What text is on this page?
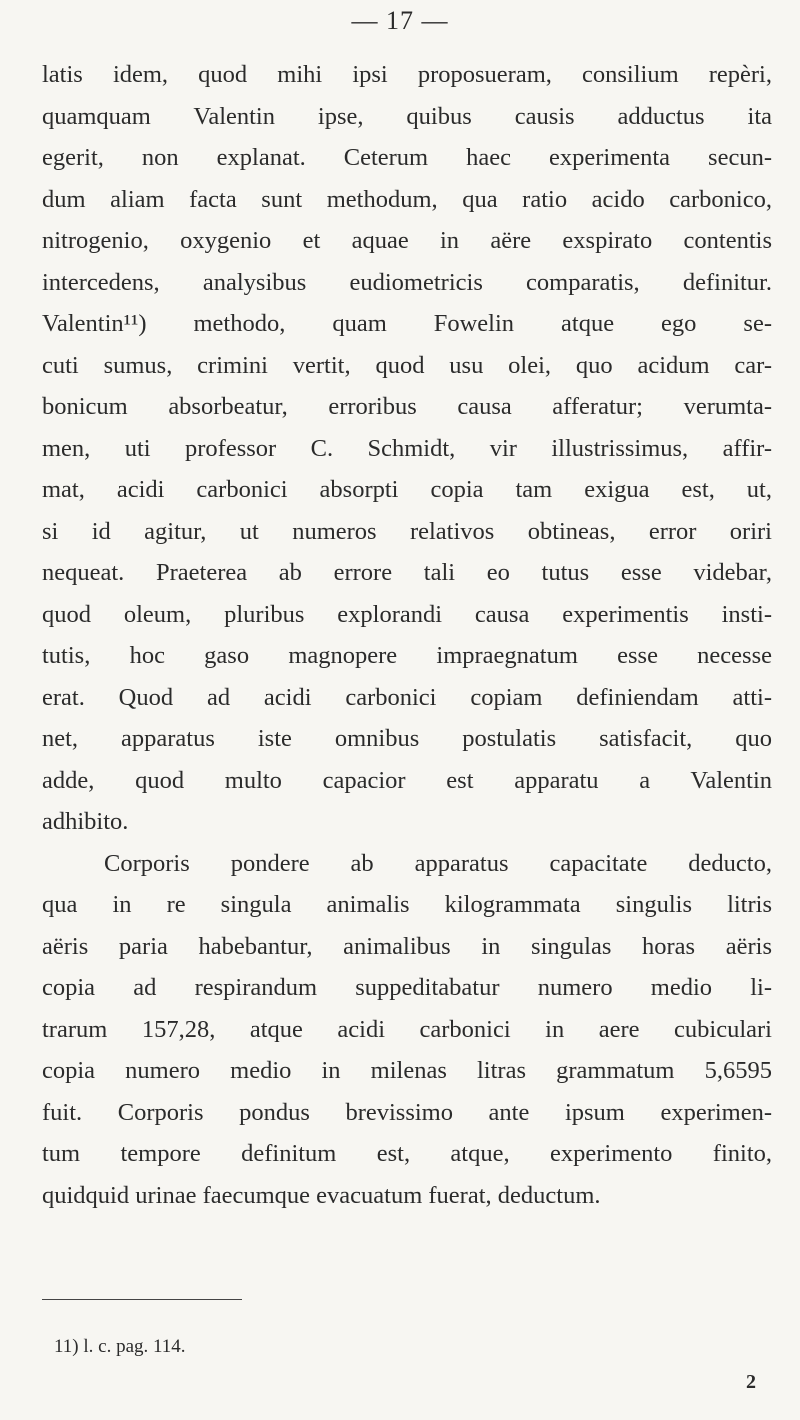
— 17 —
latis idem, quod mihi ipsi proposueram, consilium repèri,
quamquam Valentin ipse, quibus causis adductus ita
egerit, non explanat. Ceterum haec experimenta secun-
dum aliam facta sunt methodum, qua ratio acido carbonico,
nitrogenio, oxygenio et aquae in aëre exspirato contentis
intercedens, analysibus eudiometricis comparatis, definitur.
Valentin¹¹) methodo, quam Fowelin atque ego se-
cuti sumus, crimini vertit, quod usu olei, quo acidum car-
bonicum absorbeatur, erroribus causa afferatur; verumta-
men, uti professor C. Schmidt, vir illustrissimus, affir-
mat, acidi carbonici absorpti copia tam exigua est, ut,
si id agitur, ut numeros relativos obtineas, error oriri
nequeat. Praeterea ab errore tali eo tutus esse videbar,
quod oleum, pluribus explorandi causa experimentis insti-
tutis, hoc gaso magnopere impraegnatum esse necesse
erat. Quod ad acidi carbonici copiam definiendam atti-
net, apparatus iste omnibus postulatis satisfacit, quo
adde, quod multo capacior est apparatu a Valentin
adhibito.
Corporis pondere ab apparatus capacitate deducto,
qua in re singula animalis kilogrammata singulis litris
aëris paria habebantur, animalibus in singulas horas aëris
copia ad respirandum suppeditabatur numero medio li-
trarum 157,28, atque acidi carbonici in aere cubiculari
copia numero medio in milenas litras grammatum 5,6595
fuit. Corporis pondus brevissimo ante ipsum experimen-
tum tempore definitum est, atque, experimento finito,
quidquid urinae faecumque evacuatum fuerat, deductum.
11) l. c. pag. 114.
2
